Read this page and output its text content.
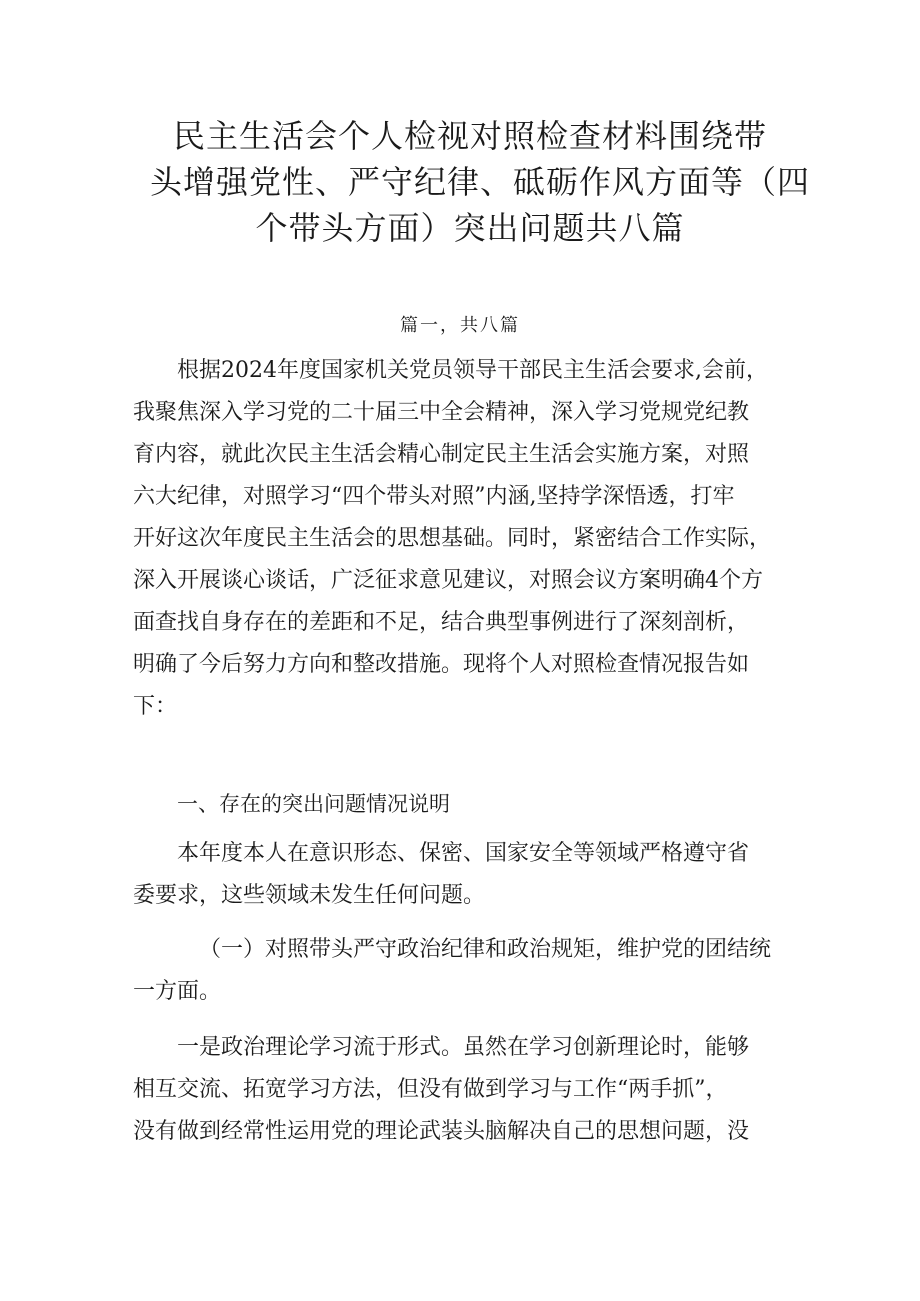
民主生活会个人检视对照检查材料围绕带
头增强党性、严守纪律、砥砺作风方面等（四
个带头方面）突出问题共八篇
篇一，共八篇
根据2024年度国家机关党员领导干部民主生活会要求,会前，
我聚焦深入学习党的二十届三中全会精神，深入学习党规党纪教
育内容，就此次民主生活会精心制定民主生活会实施方案，对照
六大纪律，对照学习“四个带头对照”内涵,坚持学深悟透，打牢
开好这次年度民主生活会的思想基础。同时，紧密结合工作实际，
深入开展谈心谈话，广泛征求意见建议，对照会议方案明确4个方
面查找自身存在的差距和不足，结合典型事例进行了深刻剖析，
明确了今后努力方向和整改措施。现将个人对照检查情况报告如
下：
一、存在的突出问题情况说明
本年度本人在意识形态、保密、国家安全等领域严格遵守省
委要求，这些领域未发生任何问题。
（一）对照带头严守政治纪律和政治规矩，维护党的团结统
一方面。
一是政治理论学习流于形式。虽然在学习创新理论时，能够
相互交流、拓宽学习方法，但没有做到学习与工作“两手抓”，
没有做到经常性运用党的理论武装头脑解决自己的思想问题，没
